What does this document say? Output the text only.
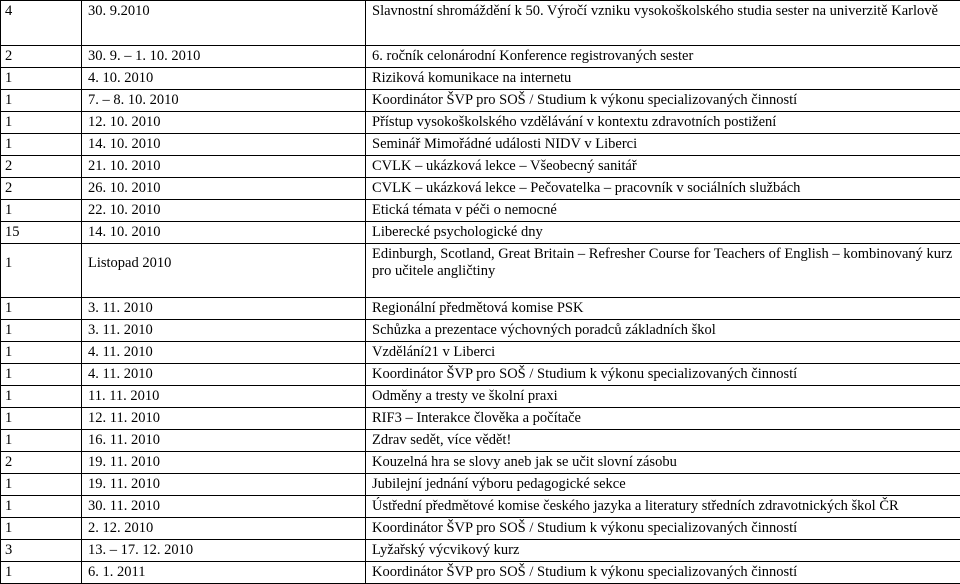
4	30. 9.2010	Slavnostní shromáždění k 50. Výročí vzniku vysokoškolského studia sester na univerzitě Karlově
2	30. 9. – 1. 10. 2010	6. ročník celonárodní Konference registrovaných sester
1	4. 10. 2010	Riziková komunikace na internetu
1	7. – 8. 10. 2010	Koordinátor ŠVP pro SOŠ / Studium k výkonu specializovaných činností
1	12. 10. 2010	Přístup vysokoškolského vzdělávání v kontextu zdravotních postižení
1	14. 10. 2010	Seminář Mimořádné události NIDV v Liberci
2	21. 10. 2010	CVLK – ukázková lekce – Všeobecný sanitář
2	26. 10. 2010	CVLK – ukázková lekce – Pečovatelka – pracovník v sociálních službách
1	22. 10. 2010	Etická témata v péči o nemocné
15	14. 10. 2010	Liberecké psychologické dny
1	Listopad 2010	Edinburgh, Scotland, Great Britain – Refresher Course for Teachers of English – kombinovaný kurz pro učitele angličtiny
1	3. 11. 2010	Regionální předmětová komise PSK
1	3. 11. 2010	Schůzka a prezentace výchovných poradců základních škol
1	4. 11. 2010	Vzdělání21 v Liberci
1	4. 11. 2010	Koordinátor ŠVP pro SOŠ / Studium k výkonu specializovaných činností
1	11. 11. 2010	Odměny a tresty ve školní praxi
1	12. 11. 2010	RIF3 – Interakce člověka a počítače
1	16. 11. 2010	Zdrav sedět, více vědět!
2	19. 11. 2010	Kouzelná hra se slovy aneb jak se učit slovní zásobu
1	19. 11. 2010	Jubilejní jednání výboru pedagogické sekce
1	30. 11. 2010	Ústřední předmětové komise českého jazyka a literatury středních zdravotnických škol ČR
1	2. 12. 2010	Koordinátor ŠVP pro SOŠ / Studium k výkonu specializovaných činností
3	13. – 17. 12. 2010	Lyžařský výcvikový kurz
1	6. 1. 2011	Koordinátor ŠVP pro SOŠ / Studium k výkonu specializovaných činností
